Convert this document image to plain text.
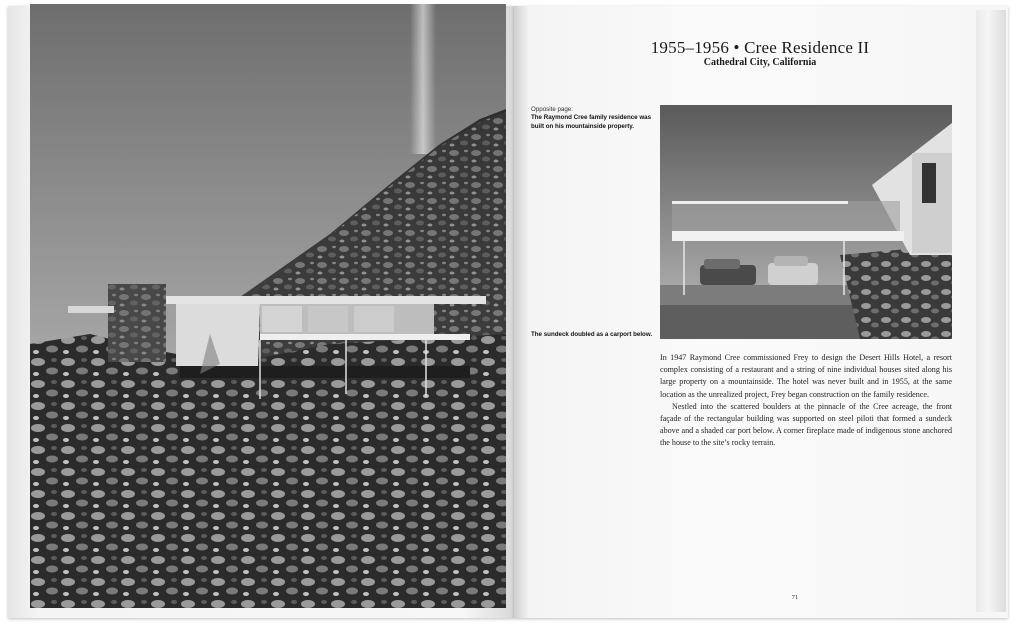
1955–1956 • Cree Residence II
Cathedral City, California
Opposite page:
The Raymond Cree family residence was built on his mountainside property.
The sundeck doubled as a carport below.

In 1947 Raymond Cree commissioned Frey to design the Desert Hills Hotel, a resort complex consisting of a restaurant and a string of nine individual houses sited along his large property on a mountainside. The hotel was never built and in 1955, at the same location as the unrealized project, Frey began construction on the family residence.

Nestled into the scattered boulders at the pinnacle of the Cree acreage, the front façade of the rectangular building was supported on steel piloti that formed a sundeck above and a shaded car port below. A corner fireplace made of indigenous stone anchored the house to the site’s rocky terrain.

71
